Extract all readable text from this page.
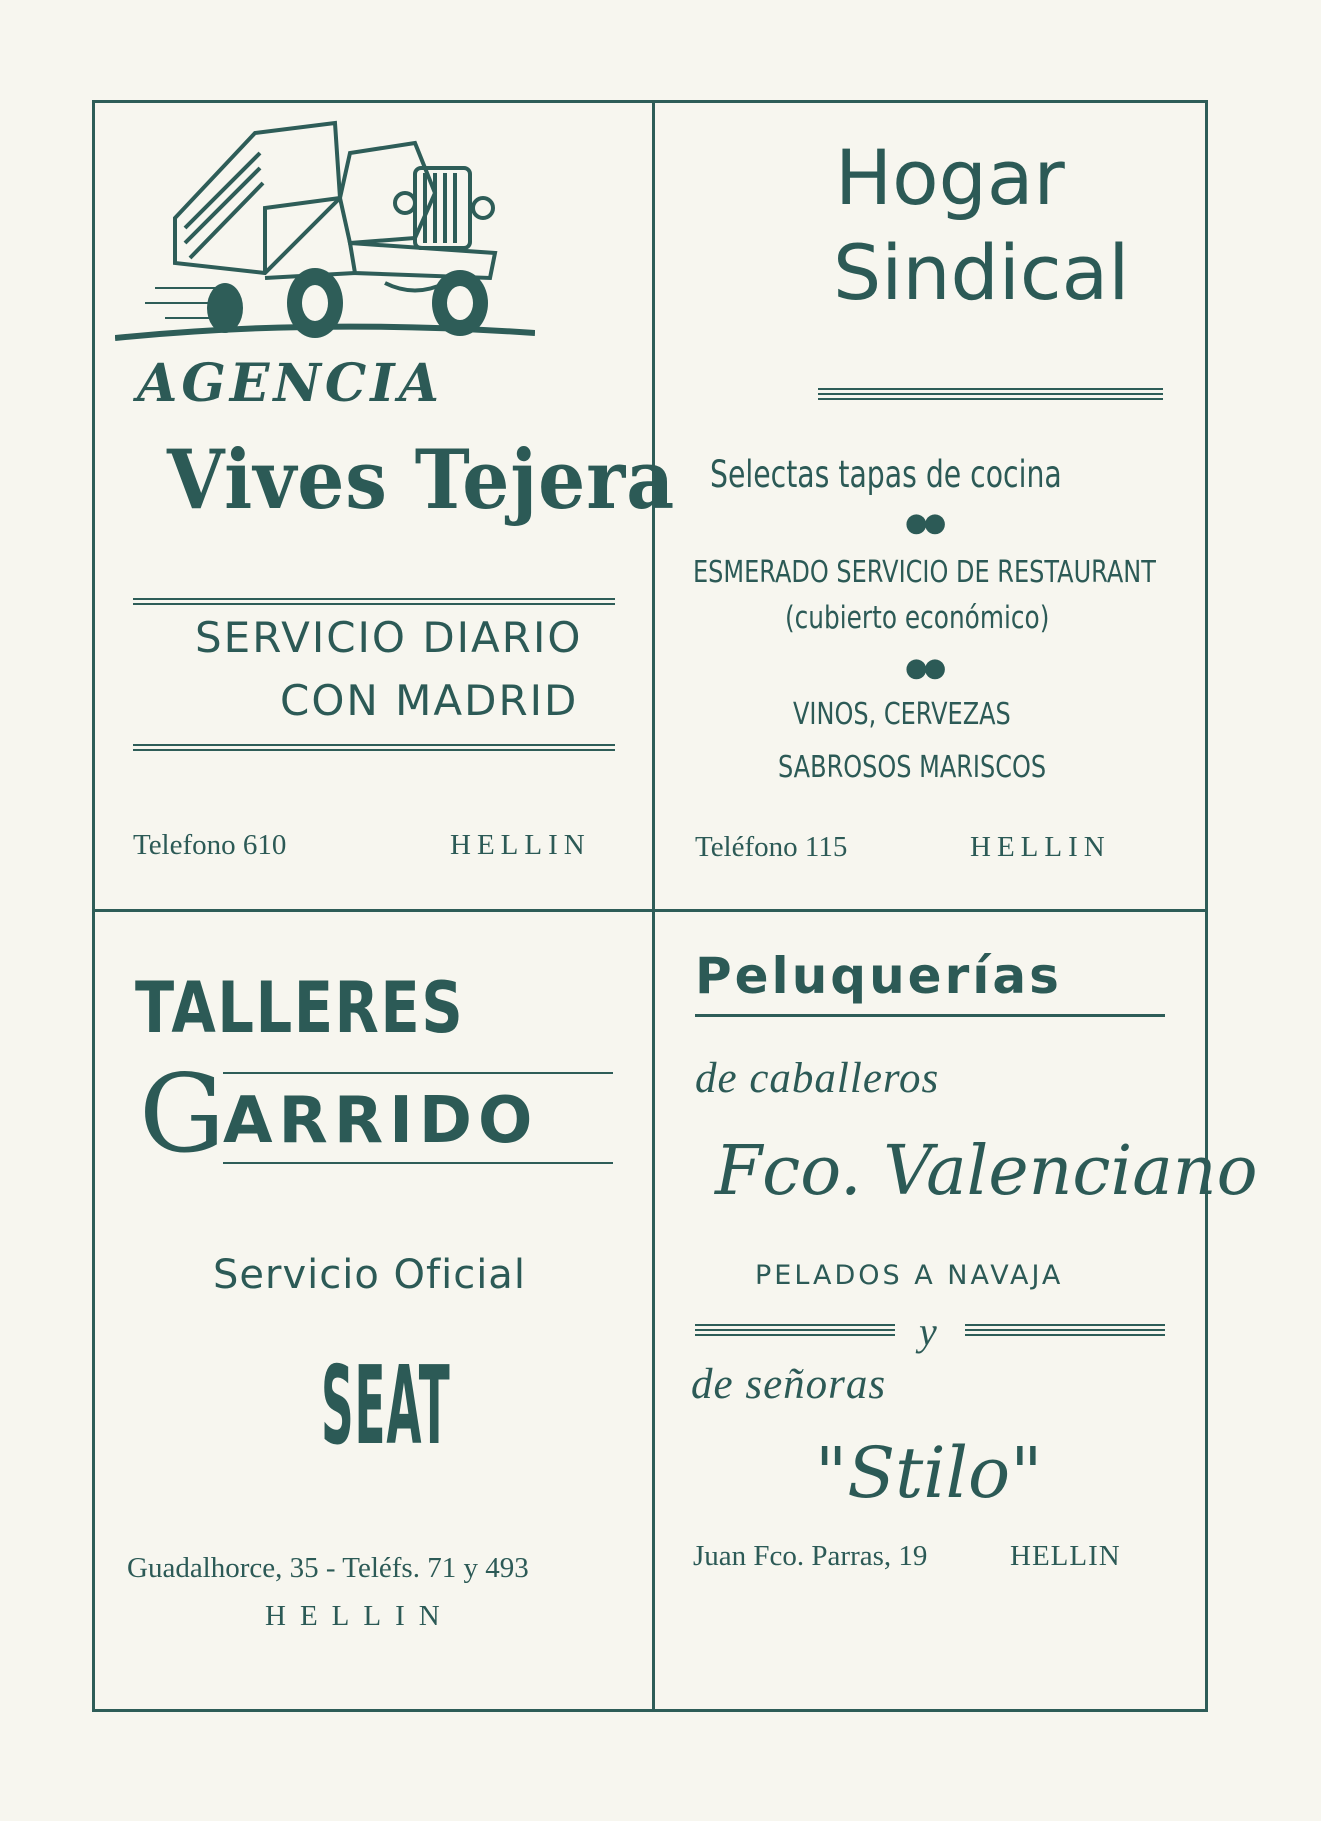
AGENCIA
Vives Tejera
SERVICIO DIARIO
CON MADRID
Telefono 610	HELLIN
Hogar
Sindical
Selectas tapas de cocina
●●
ESMERADO SERVICIO DE RESTAURANT
(cubierto económico)
●●
VINOS, CERVEZAS
SABROSOS MARISCOS
Teléfono 115	HELLIN
TALLERES
G
ARRIDO
Servicio Oficial
SEAT
Guadalhorce, 35 - Teléfs. 71 y 493
HELLIN
Peluquerías
de caballeros
Fco. Valenciano
PELADOS A NAVAJA
y
de señoras
"Stilo"
Juan Fco. Parras, 19	HELLIN
